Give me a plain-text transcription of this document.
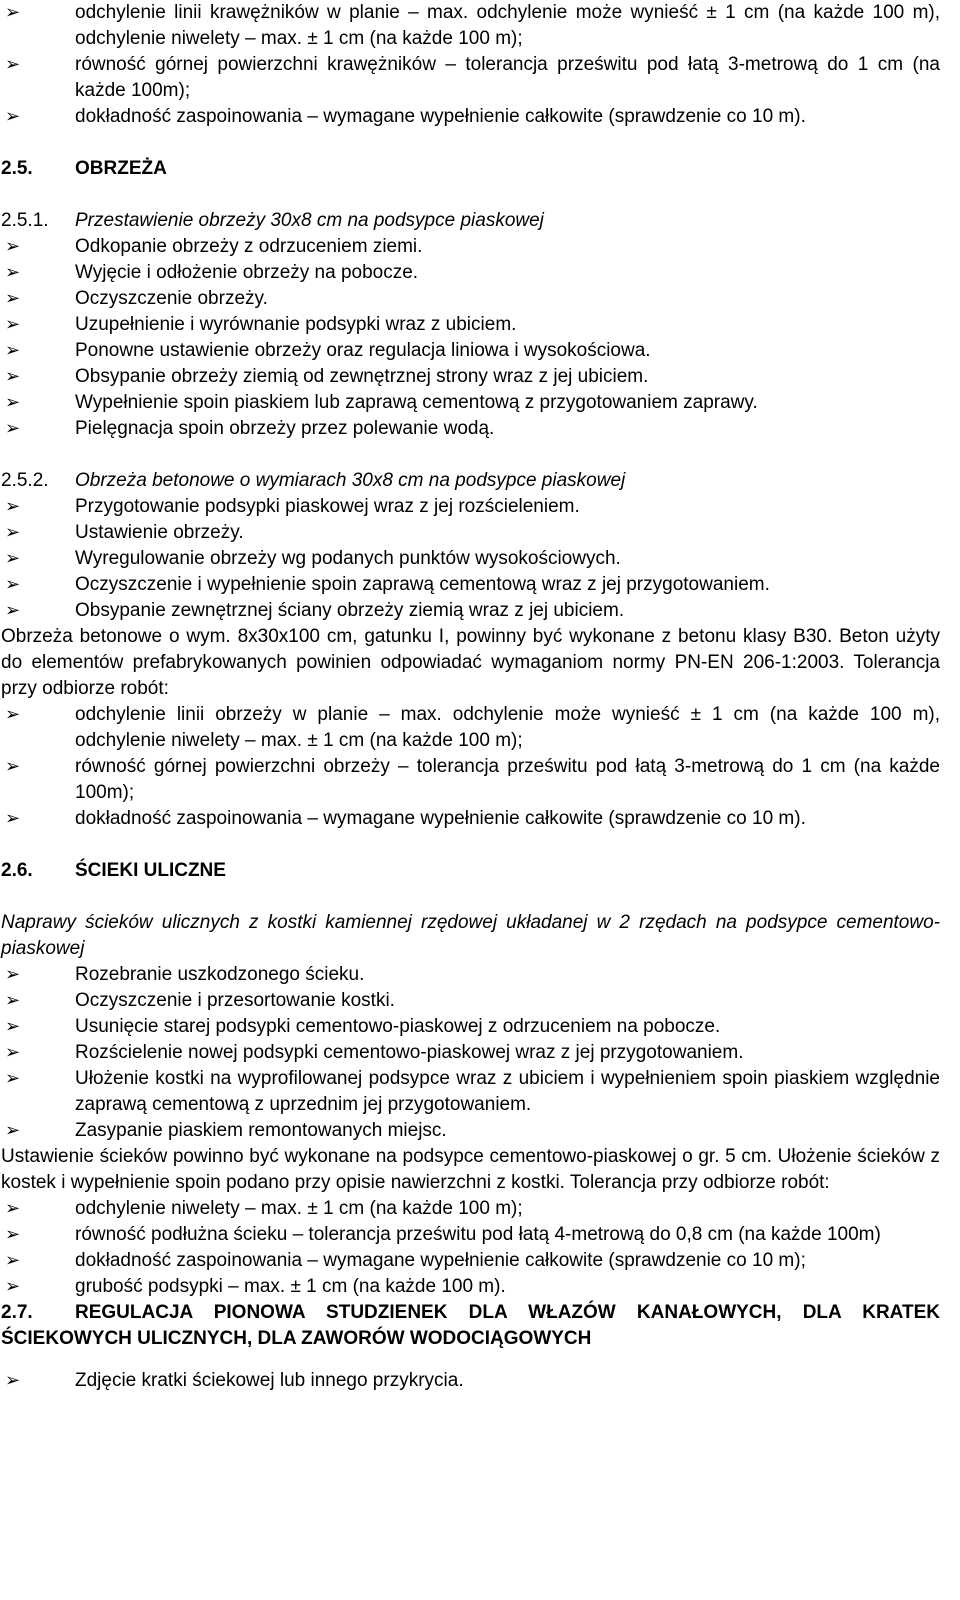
➢ odchylenie linii krawężników w planie – max. odchylenie może wynieść ± 1 cm (na każde 100 m), odchylenie niwelety – max. ± 1 cm (na każde 100 m);
➢ równość górnej powierzchni krawężników – tolerancja prześwitu pod łatą 3-metrową do 1 cm (na każde 100m);
➢ dokładność zaspoinowania – wymagane wypełnienie całkowite (sprawdzenie co 10 m).
2.5.	OBRZEŻA
2.5.1.	Przestawienie obrzeży 30x8 cm na podsypce piaskowej
➢ Odkopanie obrzeży z odrzuceniem ziemi.
➢ Wyjęcie i odłożenie obrzeży na pobocze.
➢ Oczyszczenie obrzeży.
➢ Uzupełnienie i wyrównanie podsypki wraz z ubiciem.
➢ Ponowne ustawienie obrzeży oraz regulacja liniowa i wysokościowa.
➢ Obsypanie obrzeży ziemią od zewnętrznej strony wraz z jej ubiciem.
➢ Wypełnienie spoin piaskiem lub zaprawą cementową z przygotowaniem zaprawy.
➢ Pielęgnacja spoin obrzeży przez polewanie wodą.
2.5.2.	Obrzeża betonowe o wymiarach 30x8 cm na podsypce piaskowej
➢ Przygotowanie podsypki piaskowej wraz z jej rozścieleniem.
➢ Ustawienie obrzeży.
➢ Wyregulowanie obrzeży wg podanych punktów wysokościowych.
➢ Oczyszczenie i wypełnienie spoin zaprawą cementową wraz z jej przygotowaniem.
➢ Obsypanie zewnętrznej ściany obrzeży ziemią wraz z jej ubiciem.
Obrzeża betonowe o wym. 8x30x100 cm, gatunku I, powinny być wykonane z betonu klasy B30. Beton użyty do elementów prefabrykowanych powinien odpowiadać wymaganiom normy PN-EN 206-1:2003. Tolerancja przy odbiorze robót:
➢ odchylenie linii obrzeży w planie – max. odchylenie może wynieść ± 1 cm (na każde 100 m), odchylenie niwelety – max. ± 1 cm (na każde 100 m);
➢ równość górnej powierzchni obrzeży – tolerancja prześwitu pod łatą 3-metrową do 1 cm (na każde 100m);
➢ dokładność zaspoinowania – wymagane wypełnienie całkowite (sprawdzenie co 10 m).
2.6.	ŚCIEKI ULICZNE
Naprawy ścieków ulicznych z kostki kamiennej rzędowej układanej w 2 rzędach na podsypce cementowo-piaskowej
➢ Rozebranie uszkodzonego ścieku.
➢ Oczyszczenie i przesortowanie kostki.
➢ Usunięcie starej podsypki cementowo-piaskowej z odrzuceniem na pobocze.
➢ Rozścielenie nowej podsypki cementowo-piaskowej wraz z jej przygotowaniem.
➢ Ułożenie kostki na wyprofilowanej podsypce wraz z ubiciem i wypełnieniem spoin piaskiem względnie zaprawą cementową z uprzednim jej przygotowaniem.
➢ Zasypanie piaskiem remontowanych miejsc.
Ustawienie ścieków powinno być wykonane na podsypce cementowo-piaskowej o gr. 5 cm. Ułożenie ścieków z kostek i wypełnienie spoin podano przy opisie nawierzchni z kostki. Tolerancja przy odbiorze robót:
➢ odchylenie niwelety – max. ± 1 cm (na każde 100 m);
➢ równość podłużna ścieku – tolerancja prześwitu pod łatą 4-metrową do 0,8 cm (na każde 100m)
➢ dokładność zaspoinowania – wymagane wypełnienie całkowite (sprawdzenie co 10 m);
➢ grubość podsypki – max. ± 1 cm (na każde 100 m).
2.7.	REGULACJA PIONOWA STUDZIENEK DLA WŁAZÓW KANAŁOWYCH, DLA KRATEK ŚCIEKOWYCH ULICZNYCH, DLA ZAWORÓW WODOCIĄGOWYCH
➢ Zdjęcie kratki ściekowej lub innego przykrycia.
